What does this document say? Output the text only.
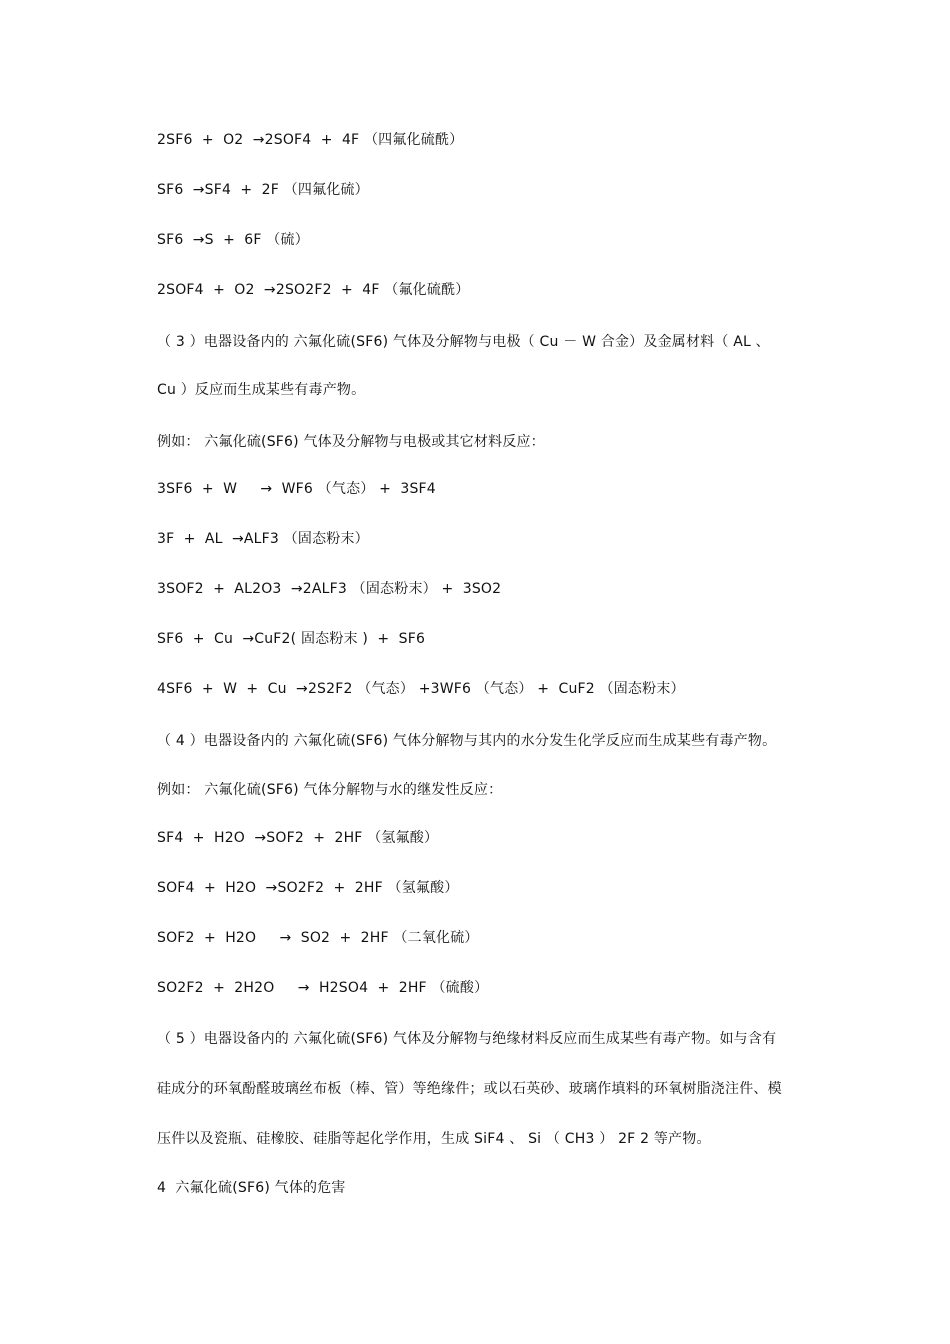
2SF6  +  O2  →2SOF4  +  4F （四氟化硫酰）
SF6  →SF4  +  2F （四氟化硫）
SF6  →S  +  6F （硫）
2SOF4  +  O2  →2SO2F2  +  4F （氟化硫酰）
（ 3 ）电器设备内的 六氟化硫(SF6) 气体及分解物与电极（ Cu － W 合金）及金属材料（ AL 、
Cu ）反应而生成某些有毒产物。
例如： 六氟化硫(SF6) 气体及分解物与电极或其它材料反应：
3SF6  +  W     →  WF6 （气态） +  3SF4
3F  +  AL  →ALF3 （固态粉末）
3SOF2  +  AL2O3  →2ALF3 （固态粉末） +  3SO2
SF6  +  Cu  →CuF2( 固态粉末 )  +  SF6
4SF6  +  W  +  Cu  →2S2F2 （气态） +3WF6 （气态） +  CuF2 （固态粉末）
（ 4 ）电器设备内的 六氟化硫(SF6) 气体分解物与其内的水分发生化学反应而生成某些有毒产物。
例如： 六氟化硫(SF6) 气体分解物与水的继发性反应：
SF4  +  H2O  →SOF2  +  2HF （氢氟酸）
SOF4  +  H2O  →SO2F2  +  2HF （氢氟酸）
SOF2  +  H2O     →  SO2  +  2HF （二氧化硫）
SO2F2  +  2H2O     →  H2SO4  +  2HF （硫酸）
（ 5 ）电器设备内的 六氟化硫(SF6) 气体及分解物与绝缘材料反应而生成某些有毒产物。如与含有
硅成分的环氧酚醛玻璃丝布板（棒、管）等绝缘件；或以石英砂、玻璃作填料的环氧树脂浇注件、模
压件以及瓷瓶、硅橡胶、硅脂等起化学作用，生成 SiF4 、 Si （ CH3 ） 2F 2 等产物。
4  六氟化硫(SF6) 气体的危害
